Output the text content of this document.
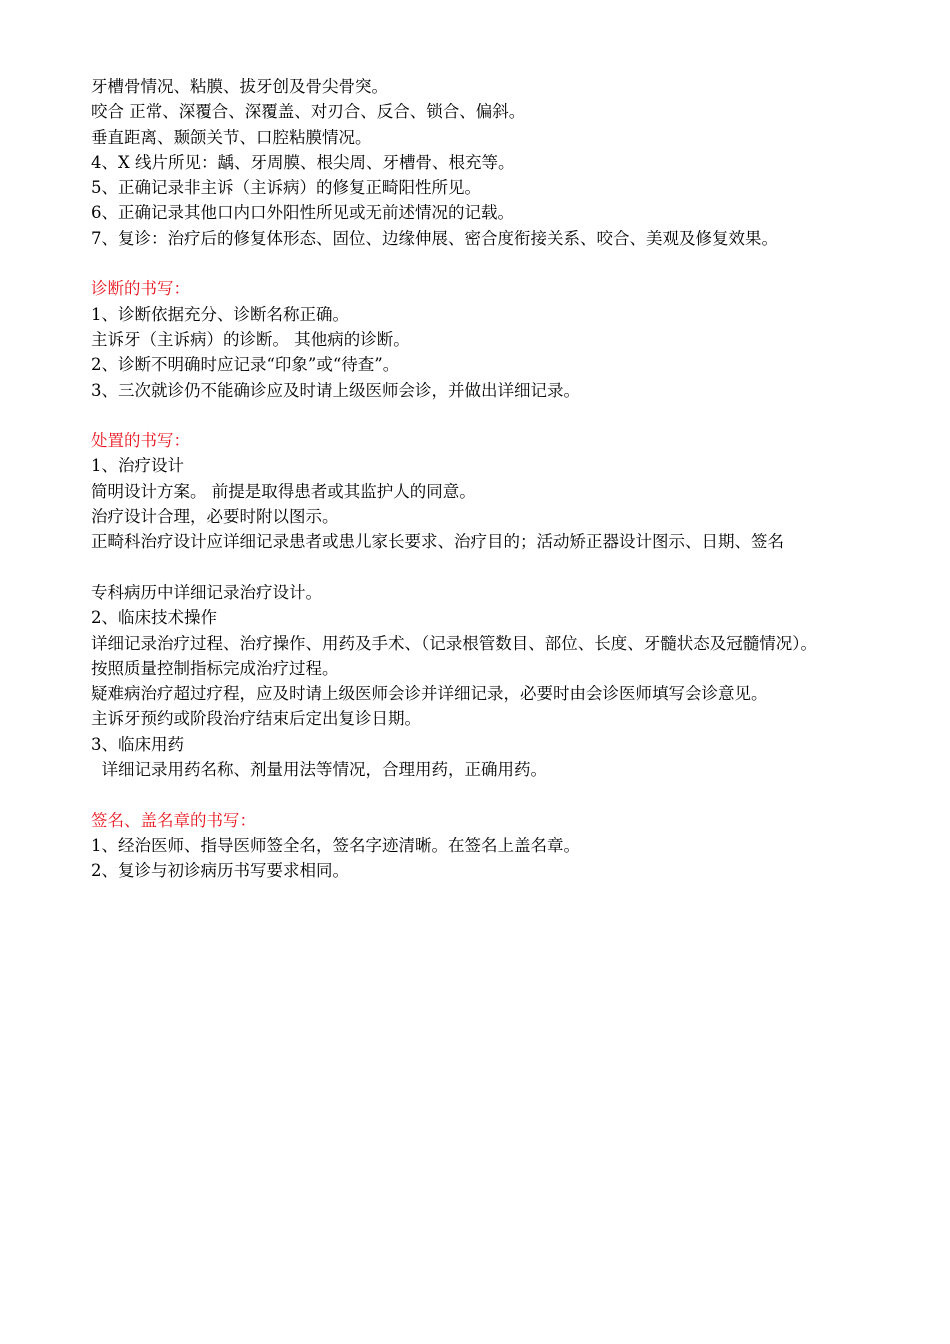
牙槽骨情况、粘膜、拔牙创及骨尖骨突。
咬合 正常、深覆合、深覆盖、对刃合、反合、锁合、偏斜。
垂直距离、颞颌关节、口腔粘膜情况。
4、X 线片所见：龋、牙周膜、根尖周、牙槽骨、根充等。
5、正确记录非主诉（主诉病）的修复正畸阳性所见。
6、正确记录其他口内口外阳性所见或无前述情况的记载。
7、复诊：治疗后的修复体形态、固位、边缘伸展、密合度衔接关系、咬合、美观及修复效果。
诊断的书写：
1、诊断依据充分、诊断名称正确。
主诉牙（主诉病）的诊断。 其他病的诊断。
2、诊断不明确时应记录“印象”或“待查”。
3、三次就诊仍不能确诊应及时请上级医师会诊，并做出详细记录。
处置的书写：
1、治疗设计
简明设计方案。 前提是取得患者或其监护人的同意。
治疗设计合理，必要时附以图示。
正畸科治疗设计应详细记录患者或患儿家长要求、治疗目的；活动矫正器设计图示、日期、签名
专科病历中详细记录治疗设计。
2、临床技术操作
详细记录治疗过程、治疗操作、用药及手术、（记录根管数目、部位、长度、牙髓状态及冠髓情况）。
按照质量控制指标完成治疗过程。
疑难病治疗超过疗程，应及时请上级医师会诊并详细记录，必要时由会诊医师填写会诊意见。
主诉牙预约或阶段治疗结束后定出复诊日期。
3、临床用药
详细记录用药名称、剂量用法等情况，合理用药，正确用药。
签名、盖名章的书写：
1、经治医师、指导医师签全名，签名字迹清晰。在签名上盖名章。
2、复诊与初诊病历书写要求相同。
